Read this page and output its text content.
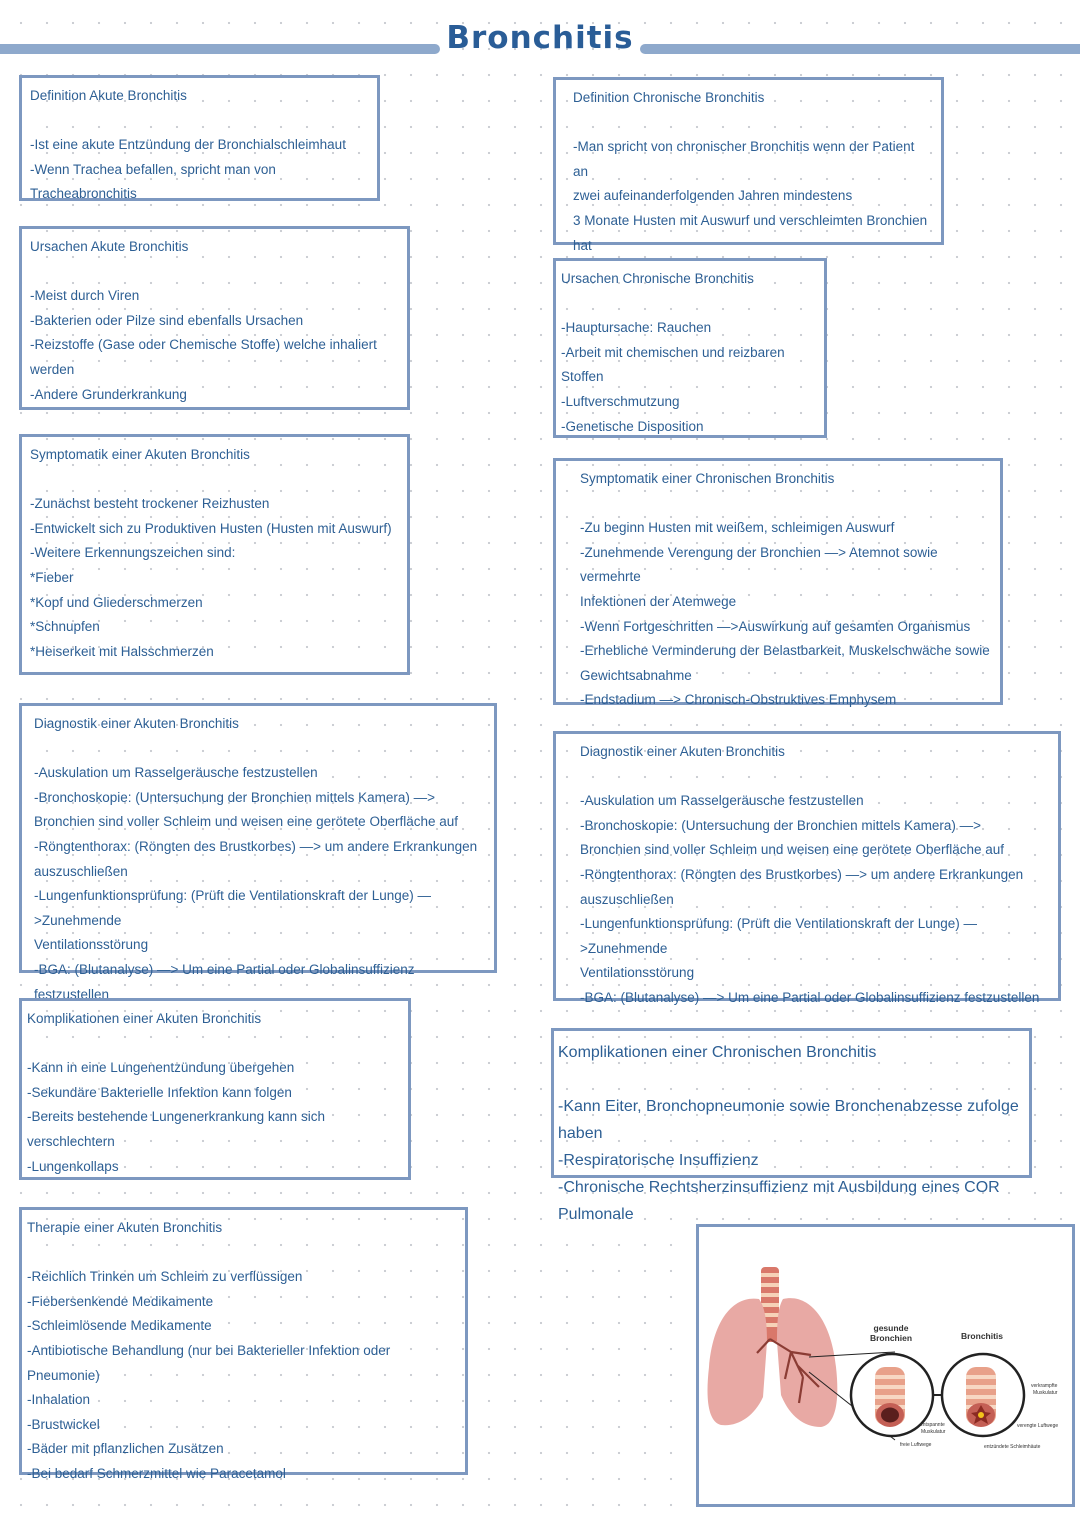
Bronchitis
Definition Akute Bronchitis
-Ist eine akute Entzündung der Bronchialschleimhaut
-Wenn Trachea befallen, spricht man von Tracheabronchitis
Ursachen Akute Bronchitis
-Meist durch Viren
-Bakterien oder Pilze sind ebenfalls Ursachen
-Reizstoffe (Gase oder Chemische Stoffe) welche inhaliert werden
-Andere Grunderkrankung
Symptomatik einer Akuten Bronchitis
-Zunächst besteht trockener Reizhusten
-Entwickelt sich zu Produktiven Husten (Husten mit Auswurf)
-Weitere Erkennungszeichen sind:
*Fieber
*Kopf und Gliederschmerzen
*Schnupfen
*Heiserkeit mit Halsschmerzen
Diagnostik einer Akuten Bronchitis
-Auskulation um Rasselgeräusche festzustellen
-Bronchoskopie: (Untersuchung der Bronchien mittels Kamera) —>
Bronchien sind voller Schleim und weisen eine gerötete Oberfläche auf
-Röngtenthorax: (Röngten des Brustkorbes) —> um andere Erkrankungen
auszuschließen
-Lungenfunktionsprüfung: (Prüft die Ventilationskraft der Lunge) —>Zunehmende
Ventilationsstörung
-BGA: (Blutanalyse) —> Um eine Partial oder Globalinsuffizienz festzustellen
Komplikationen einer Akuten Bronchitis
-Kann in eine Lungenentzündung übergehen
-Sekundäre Bakterielle Infektion kann folgen
-Bereits bestehende Lungenerkrankung kann sich verschlechtern
-Lungenkollaps
Therapie einer Akuten Bronchitis
-Reichlich Trinken um Schleim zu verflüssigen
-Fiebersenkende Medikamente
-Schleimlösende Medikamente
-Antibiotische Behandlung (nur bei Bakterieller Infektion oder Pneumonie)
-Inhalation
-Brustwickel
-Bäder mit pflanzlichen Zusätzen
-Bei bedarf Schmerzmittel wie Paracetamol
Definition Chronische Bronchitis
-Man spricht von chronischer Bronchitis wenn der Patient an
zwei aufeinanderfolgenden Jahren mindestens
3 Monate Husten mit Auswurf und verschleimten Bronchien
hat
Ursachen Chronische Bronchitis
-Hauptursache: Rauchen
-Arbeit mit chemischen und reizbaren Stoffen
-Luftverschmutzung
-Genetische Disposition
Symptomatik einer Chronischen Bronchitis
-Zu beginn Husten mit weißem, schleimigen Auswurf
-Zunehmende Verengung der Bronchien —> Atemnot sowie vermehrte
Infektionen der Atemwege
-Wenn Fortgeschritten —>Auswirkung auf gesamten Organismus
-Erhebliche Verminderung der Belastbarkeit, Muskelschwäche sowie
Gewichtsabnahme
-Endstadium —> Chronisch-Obstruktives Emphysem
Diagnostik einer Akuten Bronchitis
-Auskulation um Rasselgeräusche festzustellen
-Bronchoskopie: (Untersuchung der Bronchien mittels Kamera) —>
Bronchien sind voller Schleim und weisen eine gerötete Oberfläche auf
-Röngtenthorax: (Röngten des Brustkorbes) —> um andere Erkrankungen
auszuschließen
-Lungenfunktionsprüfung: (Prüft die Ventilationskraft der Lunge) —>Zunehmende
Ventilationsstörung
-BGA: (Blutanalyse) —> Um eine Partial oder Globalinsuffizienz festzustellen
Komplikationen einer Chronischen Bronchitis
-Kann Eiter, Bronchopneumonie sowie Bronchenabzesse zufolge haben
-Respiratorische Insuffizienz
-Chronische Rechtsherzinsuffizienz mit Ausbildung eines COR Pulmonale
gesunde
Bronchien	Bronchitis
entspannte
Muskulatur
freie Luftwege
verkrampfte
Muskulatur
verengte Luftwege
entzündete Schleimhäute
